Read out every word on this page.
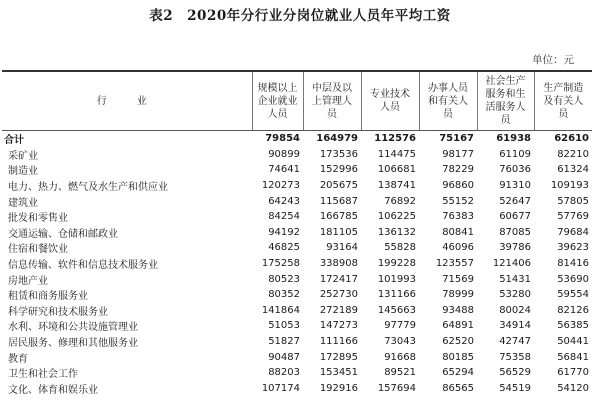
表2　2020年分行业分岗位就业人员年平均工资
单位：元
行　业	规模以上
企业就业
人员	中层及以
上管理人
员	专业技术
人员	办事人员
和有关人
员	社会生产
服务和生
活服务人
员	生产制造
及有关人
员

合计	79854	164979	112576	75167	61938	62610
采矿业	90899	173536	114475	98177	61109	82210
制造业	74641	152996	106681	78229	76036	61324
电力、热力、燃气及水生产和供应业	120273	205675	138741	96860	91310	109193
建筑业	64243	115687	76892	55152	52647	57805
批发和零售业	84254	166785	106225	76383	60677	57769
交通运输、仓储和邮政业	94192	181105	136132	80841	87085	79684
住宿和餐饮业	46825	93164	55828	46096	39786	39623
信息传输、软件和信息技术服务业	175258	338908	199228	123557	121406	81416
房地产业	80523	172417	101993	71569	51431	53690
租赁和商务服务业	80352	252730	131166	78999	53280	59554
科学研究和技术服务业	141864	272189	145663	93488	80024	82126
水利、环境和公共设施管理业	51053	147273	97779	64891	34914	56385
居民服务、修理和其他服务业	51827	111166	73043	62520	42747	50441
教育	90487	172895	91668	80185	75358	56841
卫生和社会工作	88203	153451	89521	65294	56529	61770
文化、体育和娱乐业	107174	192916	157694	86565	54519	54120
